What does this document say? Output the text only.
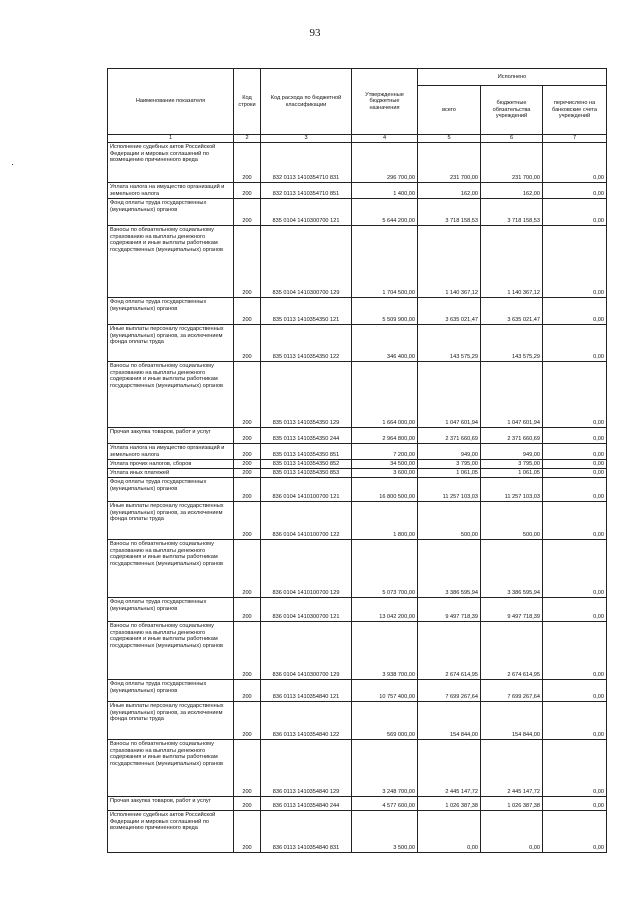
93
·
Наименование показателя	Код строки	Код расхода по бюджетной классификации	Утвержденные бюджетные назначения	Исполнено		
				всего	бюджетные обязательства учреждений	перечислено на банковские счета учреждений
1	2	3	4	5	6	7
Исполнение судебных актов Российской Федерации и мировых соглашений по возмещению причиненного вреда	200	832 0113 1410354710 831	296 700,00	231 700,00	231 700,00	0,00
Уплата налога на имущество организаций и земельного налога	200	832 0113 1410354710 851	1 400,00	162,00	162,00	0,00
Фонд оплаты труда государственных (муниципальных) органов	200	835 0104 1410300700 121	5 644 200,00	3 718 158,53	3 718 158,53	0,00
Взносы по обязательному социальному страхованию на выплаты денежного содержания и иные выплаты работникам государственных (муниципальных) органов	200	835 0104 1410300700 129	1 704 500,00	1 140 367,12	1 140 367,12	0,00
Фонд оплаты труда государственных (муниципальных) органов	200	835 0113 1410354350 121	5 509 900,00	3 635 021,47	3 635 021,47	0,00
Иные выплаты персоналу государственных (муниципальных) органов, за исключением фонда оплаты труда	200	835 0113 1410354350 122	346 400,00	143 575,29	143 575,29	0,00
Взносы по обязательному социальному страхованию на выплаты денежного содержания и иные выплаты работникам государственных (муниципальных) органов	200	835 0113 1410354350 129	1 664 000,00	1 047 601,94	1 047 601,94	0,00
Прочая закупка товаров, работ и услуг	200	835 0113 1410354350 244	2 964 800,00	2 371 660,69	2 371 660,69	0,00
Уплата налога на имущество организаций и земельного налога	200	835 0113 1410354350 851	7 200,00	949,00	949,00	0,00
Уплата прочих налогов, сборов	200	835 0113 1410354350 852	34 500,00	3 795,00	3 795,00	0,00
Уплата иных платежей	200	835 0113 1410354350 853	3 600,00	1 061,05	1 061,05	0,00
Фонд оплаты труда государственных (муниципальных) органов	200	836 0104 1410100700 121	16 800 500,00	11 257 103,03	11 257 103,03	0,00
Иные выплаты персоналу государственных (муниципальных) органов, за исключением фонда оплаты труда	200	836 0104 1410100700 122	1 800,00	500,00	500,00	0,00
Взносы по обязательному социальному страхованию на выплаты денежного содержания и иные выплаты работникам государственных (муниципальных) органов	200	836 0104 1410100700 129	5 073 700,00	3 386 595,94	3 386 595,94	0,00
Фонд оплаты труда государственных (муниципальных) органов	200	836 0104 1410300700 121	13 042 200,00	9 497 718,39	9 497 718,39	0,00
Взносы по обязательному социальному страхованию на выплаты денежного содержания и иные выплаты работникам государственных (муниципальных) органов	200	836 0104 1410300700 129	3 938 700,00	2 674 614,95	2 674 614,95	0,00
Фонд оплаты труда государственных (муниципальных) органов	200	836 0113 1410354840 121	10 757 400,00	7 699 267,64	7 699 267,64	0,00
Иные выплаты персоналу государственных (муниципальных) органов, за исключением фонда оплаты труда	200	836 0113 1410354840 122	569 000,00	154 844,00	154 844,00	0,00
Взносы по обязательному социальному страхованию на выплаты денежного содержания и иные выплаты работникам государственных (муниципальных) органов	200	836 0113 1410354840 129	3 248 700,00	2 445 147,72	2 445 147,72	0,00
Прочая закупка товаров, работ и услуг	200	836 0113 1410354840 244	4 577 600,00	1 026 387,38	1 026 387,38	0,00
Исполнение судебных актов Российской Федерации и мировых соглашений по возмещению причиненного вреда	200	836 0113 1410354840 831	3 500,00	0,00	0,00	0,00
